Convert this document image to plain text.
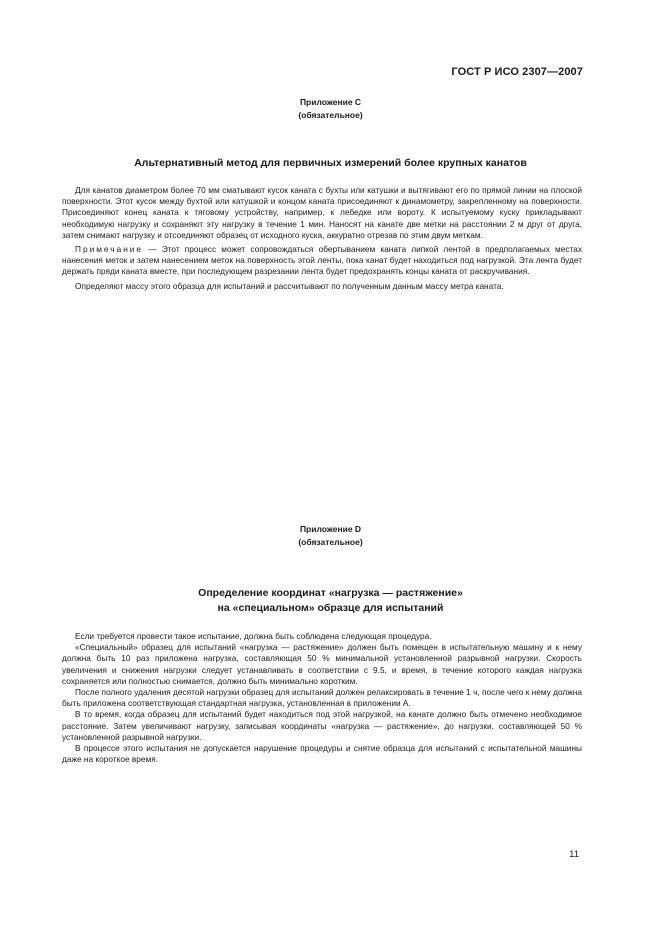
ГОСТ Р ИСО 2307—2007
Приложение С
(обязательное)
Альтернативный метод для первичных измерений более крупных канатов

Для канатов диаметром более 70 мм сматывают кусок каната с бухты или катушки и вытягивают его по прямой линии на плоской поверхности. Этот кусок между бухтой или катушкой и концом каната присоединяют к динамометру, закрепленному на поверхности. Присоединяют конец каната к тяговому устройству, например, к лебедке или вороту. К испытуемому куску прикладывают необходимую нагрузку и сохраняют эту нагрузку в течение 1 мин. Наносят на канате две метки на расстоянии 2 м друг от друга, затем снимают нагрузку и отсоединяют образец от исходного куска, аккуратно отрезав по этим двум меткам.

Примечание — Этот процесс может сопровождаться обертыванием каната липкой лентой в предполагаемых местах нанесения меток и затем нанесением меток на поверхность этой ленты, пока канат будет находиться под нагрузкой. Эта лента будет держать пряди каната вместе, при последующем разрезании лента будет предохранять концы каната от раскручивания.

Определяют массу этого образца для испытаний и рассчитывают по полученным данным массу метра каната.

Приложение D
(обязательное)
Определение координат «нагрузка — растяжение»
на «специальном» образце для испытаний

Если требуется провести такое испытание, должна быть соблюдена следующая процедура.

«Специальный» образец для испытаний «нагрузка — растяжение» должен быть помещен в испытательную машину и к нему должна быть 10 раз приложена нагрузка, составляющая 50 % минимальной установленной разрывной нагрузки. Скорость увеличения и снижения нагрузки следует устанавливать в соответствии с 9.5, и время, в течение которого каждая нагрузка сохраняется или полностью снимается, должно быть минимально коротким.

После полного удаления десятой нагрузки образец для испытаний должен релаксировать в течение 1 ч, после чего к нему должна быть приложена соответствующая стандартная нагрузка, установленная в приложении А.

В то время, когда образец для испытаний будет находиться под этой нагрузкой, на канате должно быть отмечено необходимое расстояние. Затем увеличивают нагрузку, записывая координаты «нагрузка — растяжение», до нагрузки, составляющей 50 % установленной разрывной нагрузки.

В процессе этого испытания не допускается нарушение процедуры и снятие образца для испытаний с испытательной машины даже на короткое время.

11
